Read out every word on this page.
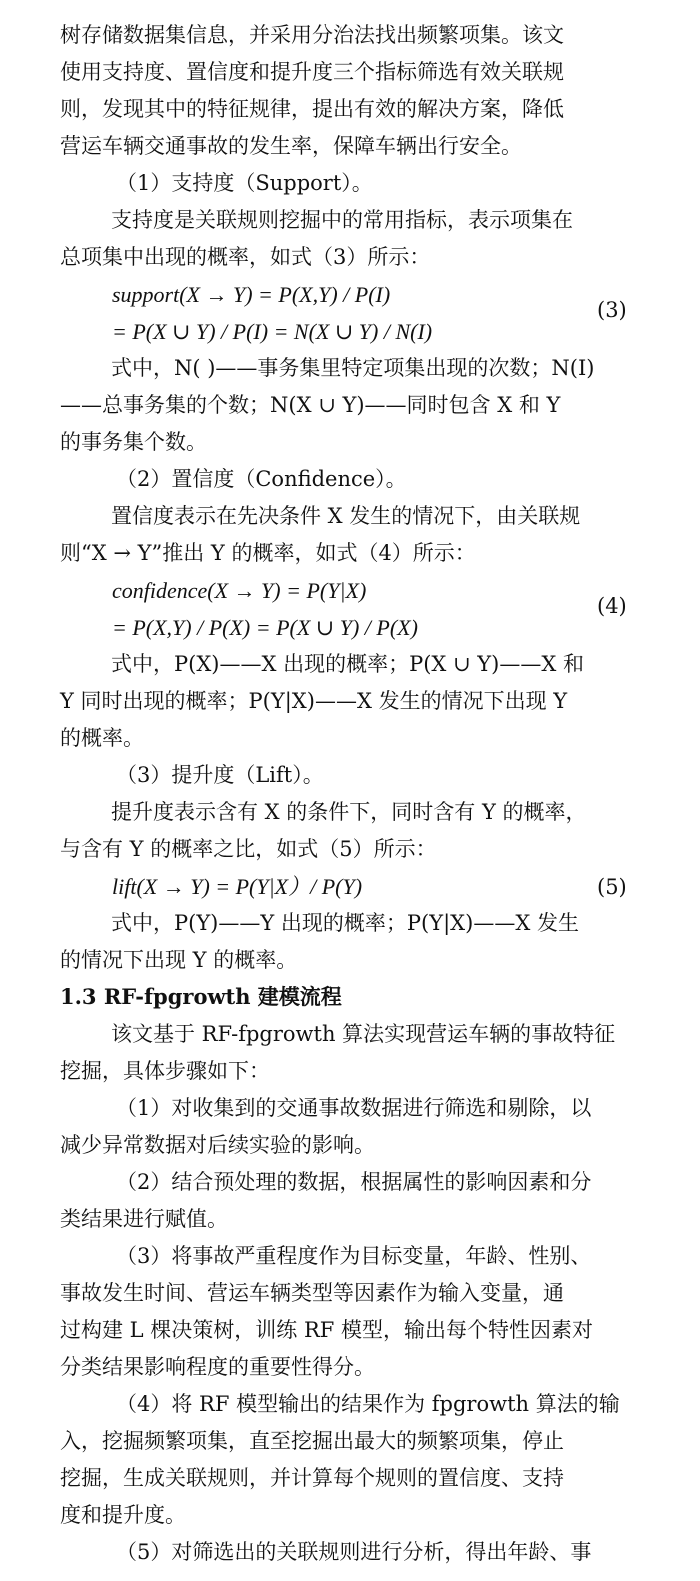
树存储数据集信息，并采用分治法找出频繁项集。该文
使用支持度、置信度和提升度三个指标筛选有效关联规
则，发现其中的特征规律，提出有效的解决方案，降低
营运车辆交通事故的发生率，保障车辆出行安全。
（1）支持度（Support）。
支持度是关联规则挖掘中的常用指标，表示项集在
总项集中出现的概率，如式（3）所示：
support(X → Y) = P(X,Y) / P(I)
= P(X ∪ Y) / P(I) = N(X ∪ Y) / N(I)
(3)
式中，N( )——事务集里特定项集出现的次数；N(I)
——总事务集的个数；N(X ∪ Y)——同时包含 X 和 Y
的事务集个数。
（2）置信度（Confidence）。
置信度表示在先决条件 X 发生的情况下，由关联规
则“X → Y”推出 Y 的概率，如式（4）所示：
confidence(X → Y) = P(Y|X)
= P(X,Y) / P(X) = P(X ∪ Y) / P(X)
(4)
式中，P(X)——X 出现的概率；P(X ∪ Y)——X 和
Y 同时出现的概率；P(Y|X)——X 发生的情况下出现 Y
的概率。
（3）提升度（Lift）。
提升度表示含有 X 的条件下，同时含有 Y 的概率，
与含有 Y 的概率之比，如式（5）所示：
lift(X → Y) = P(Y|X）/ P(Y)	(5)
式中，P(Y)——Y 出现的概率；P(Y|X)——X 发生
的情况下出现 Y 的概率。
1.3 RF-fpgrowth 建模流程
该文基于 RF-fpgrowth 算法实现营运车辆的事故特征
挖掘，具体步骤如下：
（1）对收集到的交通事故数据进行筛选和剔除，以
减少异常数据对后续实验的影响。
（2）结合预处理的数据，根据属性的影响因素和分
类结果进行赋值。
（3）将事故严重程度作为目标变量，年龄、性别、
事故发生时间、营运车辆类型等因素作为输入变量，通
过构建 L 棵决策树，训练 RF 模型，输出每个特性因素对
分类结果影响程度的重要性得分。
（4）将 RF 模型输出的结果作为 fpgrowth 算法的输
入，挖掘频繁项集，直至挖掘出最大的频繁项集，停止
挖掘，生成关联规则，并计算每个规则的置信度、支持
度和提升度。
（5）对筛选出的关联规则进行分析，得出年龄、事
